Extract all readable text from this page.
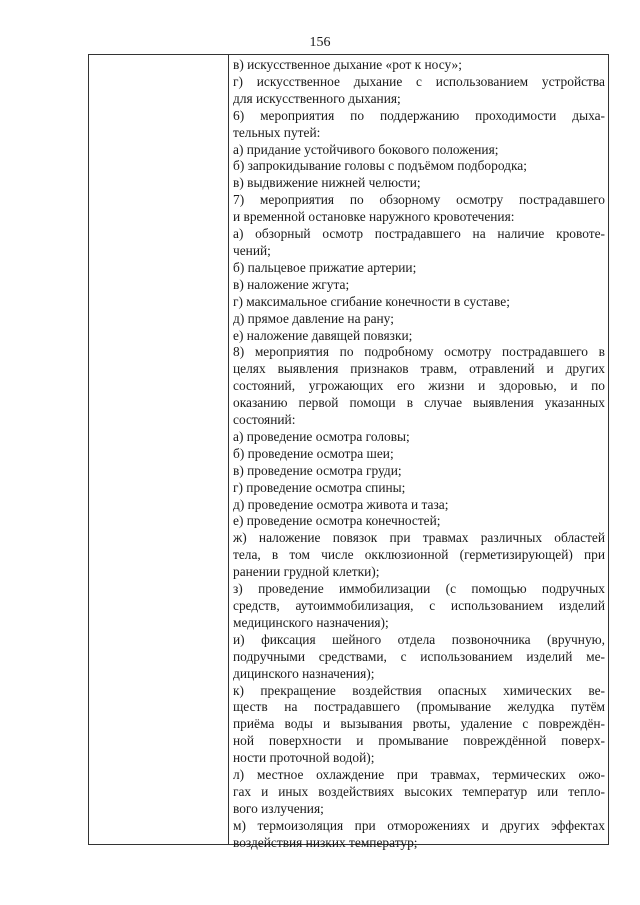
156
в) искусственное дыхание «рот к носу»;
г) искусственное дыхание с использованием устройства
для искусственного дыхания;
6) мероприятия по поддержанию проходимости дыха-
тельных путей:
а) придание устойчивого бокового положения;
б) запрокидывание головы с подъёмом подбородка;
в) выдвижение нижней челюсти;
7) мероприятия по обзорному осмотру пострадавшего
и временной остановке наружного кровотечения:
а) обзорный осмотр пострадавшего на наличие кровоте-
чений;
б) пальцевое прижатие артерии;
в) наложение жгута;
г) максимальное сгибание конечности в суставе;
д) прямое давление на рану;
е) наложение давящей повязки;
8) мероприятия по подробному осмотру пострадавшего в
целях выявления признаков травм, отравлений и других
состояний, угрожающих его жизни и здоровью, и по
оказанию первой помощи в случае выявления указанных
состояний:
а) проведение осмотра головы;
б) проведение осмотра шеи;
в) проведение осмотра груди;
г) проведение осмотра спины;
д) проведение осмотра живота и таза;
е) проведение осмотра конечностей;
ж) наложение повязок при травмах различных областей
тела, в том числе окклюзионной (герметизирующей) при
ранении грудной клетки);
з) проведение иммобилизации (с помощью подручных
средств, аутоиммобилизация, с использованием изделий
медицинского назначения);
и) фиксация шейного отдела позвоночника (вручную,
подручными средствами, с использованием изделий ме-
дицинского назначения);
к) прекращение воздействия опасных химических ве-
ществ на пострадавшего (промывание желудка путём
приёма воды и вызывания рвоты, удаление с повреждён-
ной поверхности и промывание повреждённой поверх-
ности проточной водой);
л) местное охлаждение при травмах, термических ожо-
гах и иных воздействиях высоких температур или тепло-
вого излучения;
м) термоизоляция при отморожениях и других эффектах
воздействия низких температур;
